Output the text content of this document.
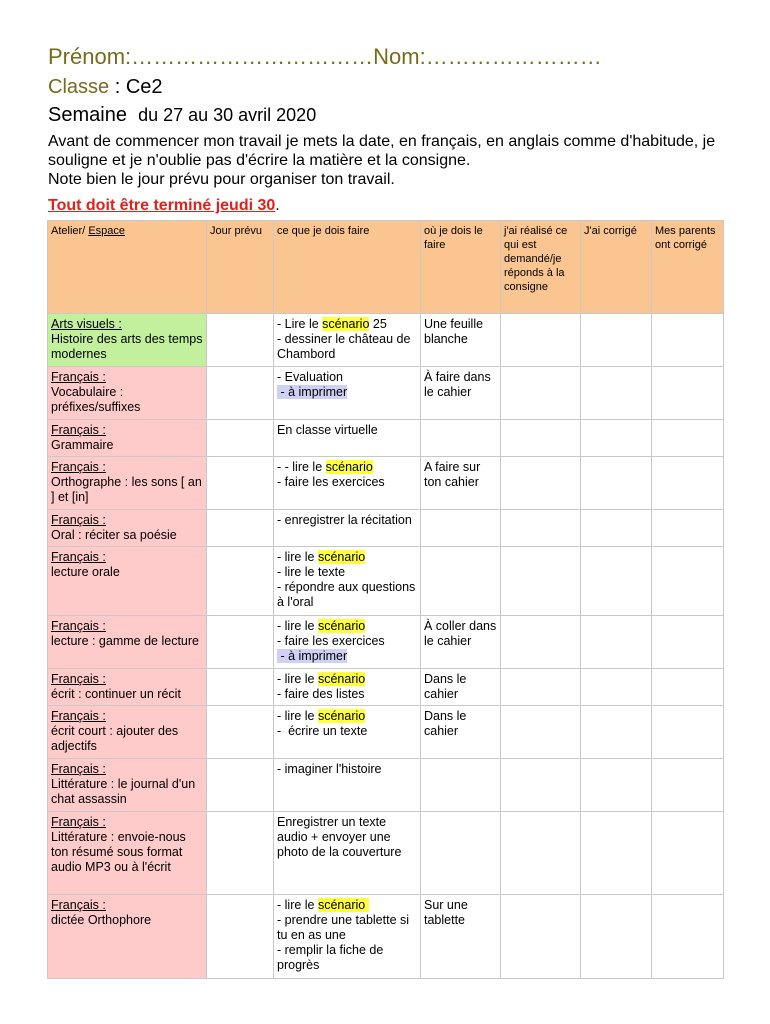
Prénom:……………………………Nom:……………………
Classe : Ce2
Semaine du 27 au 30 avril 2020

Avant de commencer mon travail je mets la date, en français, en anglais comme d'habitude, je souligne et je n'oublie pas d'écrire la matière et la consigne.

Note bien le jour prévu pour organiser ton travail.

Tout doit être terminé jeudi 30.
Atelier/ Espace	Jour prévu	ce que je dois faire	où je dois le faire	j'ai réalisé ce qui est demandé/je réponds à la consigne	J'ai corrigé	Mes parents ont corrigé

Arts visuels :
Histoire des arts des temps modernes		- Lire le scénario 25
- dessiner le château de Chambord	Une feuille blanche			

Français :
Vocabulaire : préfixes/suffixes		- Evaluation
- à imprimer	À faire dans le cahier			

Français :
Grammaire		En classe virtuelle				

Français :
Orthographe : les sons [ an ] et [in]		- - lire le scénario
- faire les exercices	A faire sur ton cahier			

Français :
Oral : réciter sa poésie		- enregistrer la récitation				

Français :
lecture orale		- lire le scénario
- lire le texte
- répondre aux questions à l'oral				

Français :
lecture : gamme de lecture		- lire le scénario
- faire les exercices
- à imprimer	À coller dans le cahier			

Français :
écrit : continuer un récit		- lire le scénario
- faire des listes	Dans le cahier			

Français :
écrit court : ajouter des adjectifs		- lire le scénario
-  écrire un texte	Dans le cahier			

Français :
Littérature : le journal d'un chat assassin		- imaginer l'histoire				

Français :
Littérature : envoie-nous ton résumé sous format audio MP3 ou à l'écrit		Enregistrer un texte audio + envoyer une photo de la couverture				

Français :
dictée Orthophore		- lire le scénario
- prendre une tablette si tu en as une
- remplir la fiche de progrès	Sur une tablette			
